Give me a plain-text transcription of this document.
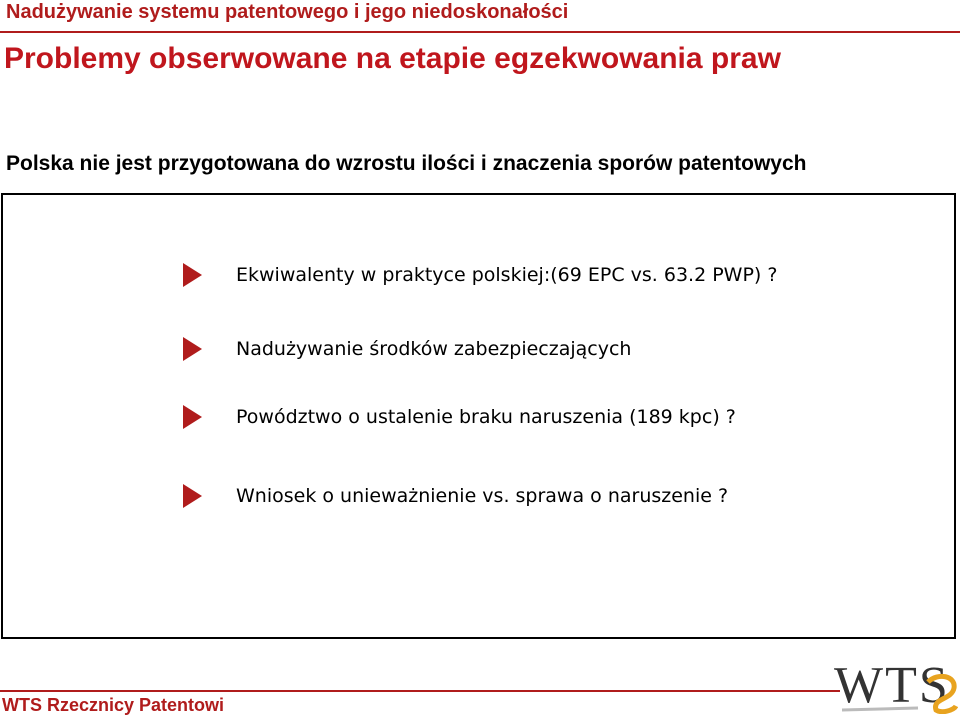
Nadużywanie systemu patentowego i jego niedoskonałości
Problemy obserwowane na etapie egzekwowania praw
Polska nie jest przygotowana do wzrostu ilości i znaczenia sporów patentowych
Ekwiwalenty w praktyce polskiej:(69 EPC vs. 63.2 PWP) ?
Nadużywanie środków zabezpieczających
Powództwo o ustalenie braku naruszenia (189 kpc) ?
Wniosek o unieważnienie vs. sprawa o naruszenie ?
WTS Rzecznicy Patentowi	WTS
